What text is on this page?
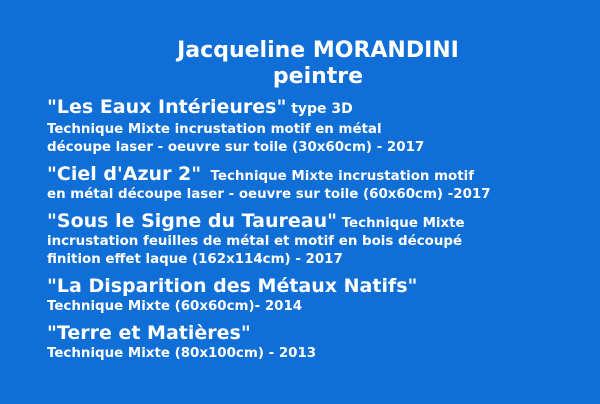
Jacqueline MORANDINI
peintre
"Les Eaux Intérieures" type 3D
Technique Mixte incrustation motif en métal
découpe laser - oeuvre sur toile (30x60cm) - 2017
"Ciel d'Azur 2"  Technique Mixte incrustation motif
en métal découpe laser - oeuvre sur toile (60x60cm) -2017
"Sous le Signe du Taureau" Technique Mixte
incrustation feuilles de métal et motif en bois découpé
finition effet laque (162x114cm) - 2017
"La Disparition des Métaux Natifs"
Technique Mixte (60x60cm)- 2014
"Terre et Matières"
Technique Mixte (80x100cm) - 2013
